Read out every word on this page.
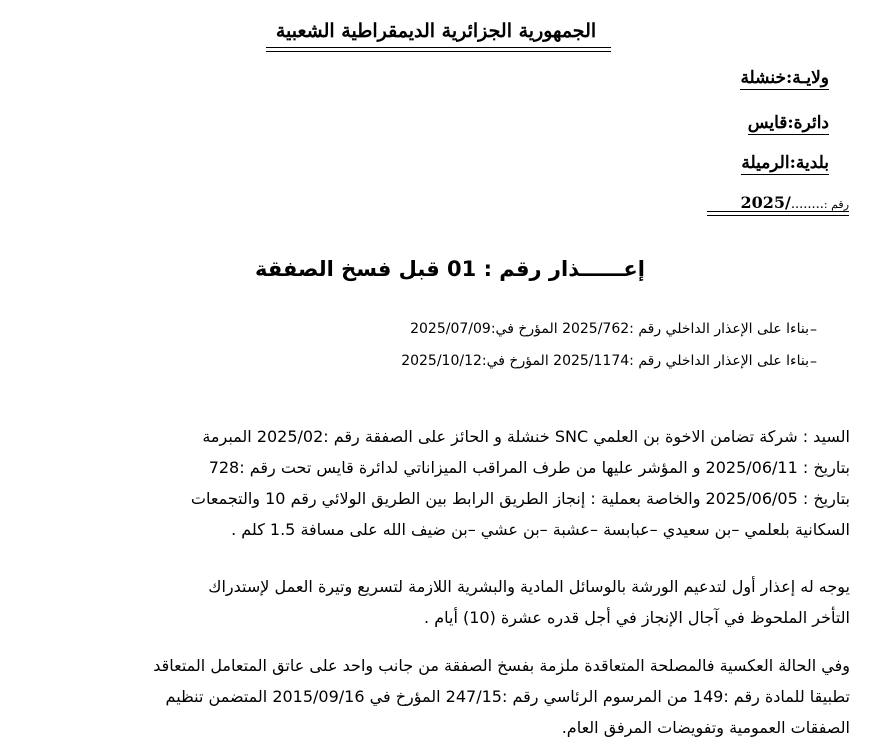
الجمهورية الجزائرية الديمقراطية الشعبية
ولايـة:خنشلة
دائرة:قايس
بلدية:الرميلة
رقم :......../2025
إعــــــذار رقم : 01 قبل فسخ الصفقة
–
بناءا على الإعذار الداخلي رقم :2025/762 المؤرخ في:2025/07/09
–
بناءا على الإعذار الداخلي رقم :2025/1174 المؤرخ في:2025/10/12
السيد : شركة تضامن الاخوة بن العلمي SNC خنشلة و الحائز على الصفقة رقم :2025/02 المبرمة
بتاريخ : 2025/06/11 و المؤشر عليها من طرف المراقب الميزاناتي لدائرة قايس تحت رقم :728
بتاريخ : 2025/06/05 والخاصة بعملية : إنجاز الطريق الرابط بين الطريق الولائي رقم 10 والتجمعات
السكانية بلعلمي –بن سعيدي –عبابسة –عشبة –بن عشي –بن ضيف الله على مسافة 1.5 كلم .
يوجه له إعذار أول لتدعيم الورشة بالوسائل المادية والبشرية اللازمة لتسريع وتيرة العمل لإستدراك
التأخر الملحوظ في آجال الإنجاز في أجل قدره عشرة (10) أيام .
وفي الحالة العكسية فالمصلحة المتعاقدة ملزمة بفسخ الصفقة من جانب واحد على عاتق المتعامل المتعاقد
تطبيقا للمادة رقم :149 من المرسوم الرئاسي رقم :247/15 المؤرخ في 2015/09/16 المتضمن تنظيم
الصفقات العمومية وتفويضات المرفق العام.
